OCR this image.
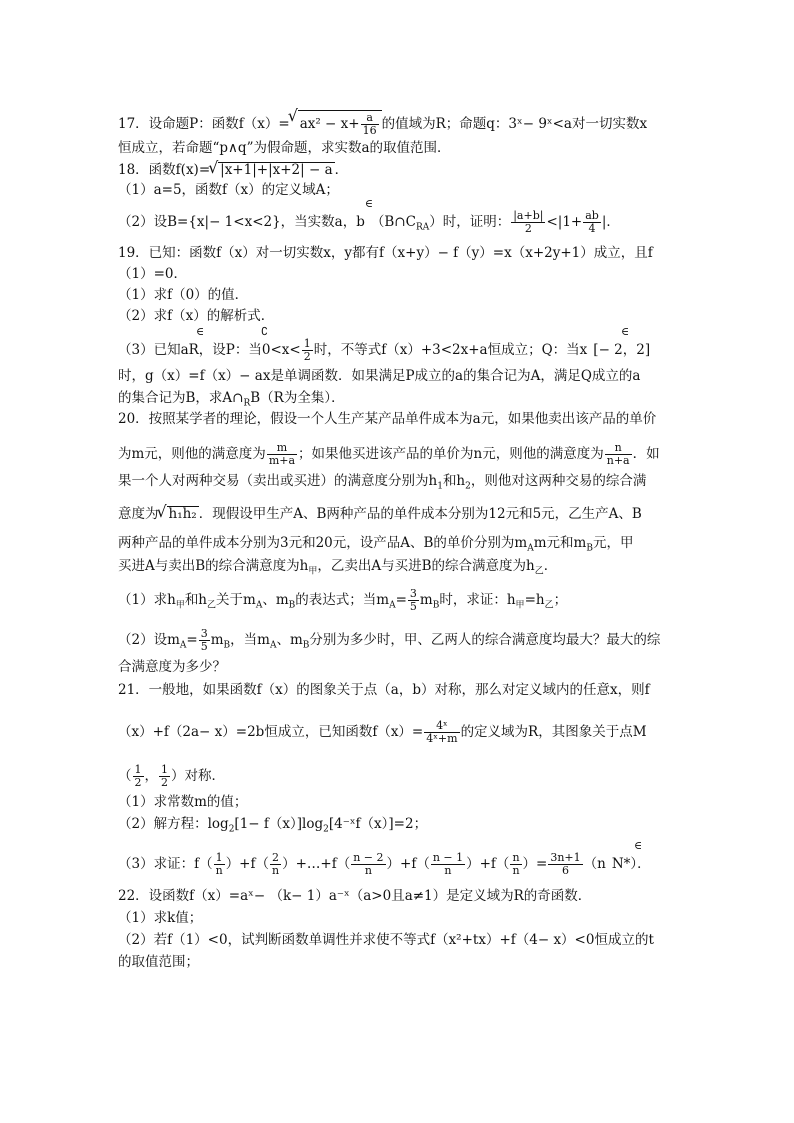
17．设命题P：函数f（x）= √ $ax^2 - x+ \frac{a}{16}$ 的值域为R；命题q：3ˣ− 9ˣ<a对一切实数x
恒成立，若命题“p∧q”为假命题，求实数a的取值范围．
18．函数f(x)= √ |x+1|+|x+2| − a ．
（1）a=5，函数f（x）的定义域A；
（2）设B={x|− 1<x<2}，当实数a，b
∈
$(B\cap C_{RA})$时，证明： $\frac{|a+b|}{2} <|1+ \frac{ab}{4}$ |．
19．已知：函数f（x）对一切实数x，y都有f（x+y）− f（y）=x（x+2y+1）成立，且f
（1）=0．
（1）求f（0）的值．
（2）求f（x）的解析式．
（3）已知a
∈
R，设P：当0<x<
∁
$\frac{1}{2}$ 时，不等式f（x）+3<2x+a恒成立；Q：当x
∈
[− 2，2]
时，g（x）=f（x）− ax是单调函数．如果满足P成立的a的集合记为A，满足Q成立的a
的集合记为B，求$A\cap_RB(R$为全集）．
20．按照某学者的理论，假设一个人生产某产品单件成本为a元，如果他卖出该产品的单价
为m元，则他的满意度为 $\frac{m}{m+a}$ ；如果他买进该产品的单价为n元，则他的满意度为 $\frac{n}{n+a}$ ．如
果一个人对两种交易（卖出或买进）的满意度分别为$h_1$和$h_2$，则他对这两种交易的综合满
意度为 √ h₁h₂ ．现假设甲生产A、B两种产品的单件成本分别为12元和5元，乙生产A、B
两种产品的单件成本分别为3元和20元，设产品A、B的单价分别为$m_Am$元和$m_B$元，甲
买进A与卖出B的综合满意度为$h_甲$，乙卖出A与买进B的综合满意度为$h_乙$．
（1）求$h_甲$和$h_乙$关于$m_A$、$m_B$的表达式；当$m_A= \frac{3}{5} m_B$时，求证：$h_甲=h_乙$；
（2）设$m_A= \frac{3}{5} m_B$，当$m_A$、$m_B$分别为多少时，甲、乙两人的综合满意度均最大？最大的综
合满意度为多少？
21．一般地，如果函数f（x）的图象关于点（a，b）对称，那么对定义域内的任意x，则f
（x）+f（2a− x）=2b恒成立，已知函数$f(x)= \frac{\text{4ˣ}}{\text{4ˣ+m}}$ 的定义域为R，其图象关于点M
（ $\frac{1}{2}$ ， $\frac{1}{2}$ ）对称．
（1）求常数m的值；
（2）解方程：$\log_2[1-$ $f(x)]\log_2[4^-ˣf(x)]=2$；
（3）求证：$f( \frac{1}{n} )+f( \frac{2}{n}$ ）+…+f（ $\frac{n - 2}{n} )+f( \frac{n - 1}{n} )+f( \frac{n}{n}$ ）= $\frac{3n+1}{6} (n$
∈
N*）．
22．设函数f（x）=aˣ− （k− 1）a⁻ˣ（a>0且a≠1）是定义域为R的奇函数．
（1）求k值；
（2）若f（1）<0，试判断函数单调性并求使不等式f（x²+tx）+f（4− x）<0恒成立的t
的取值范围；
